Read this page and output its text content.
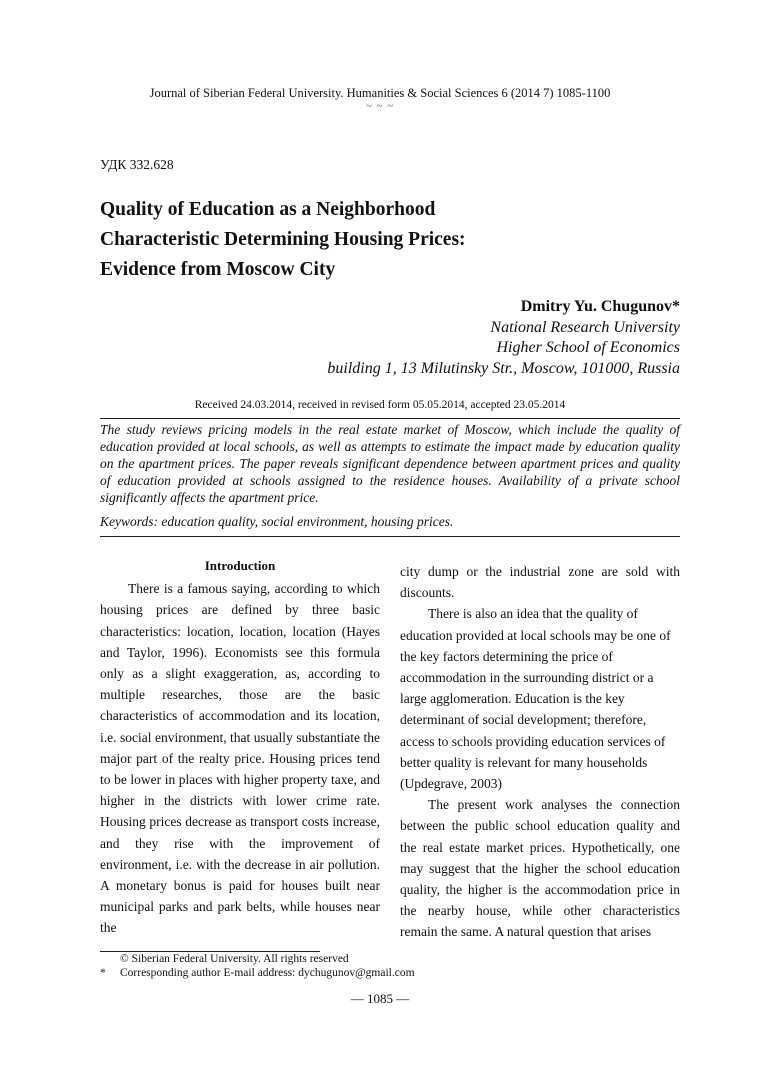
Journal of Siberian Federal University. Humanities & Social Sciences 6 (2014 7) 1085-1100
~ ~ ~
УДК 332.628
Quality of Education as a Neighborhood
Characteristic Determining Housing Prices:
Evidence from Moscow City
Dmitry Yu. Chugunov*
National Research University
Higher School of Economics
building 1, 13 Milutinsky Str., Moscow, 101000, Russia
Received 24.03.2014, received in revised form 05.05.2014, accepted 23.05.2014
The study reviews pricing models in the real estate market of Moscow, which include the quality of education provided at local schools, as well as attempts to estimate the impact made by education quality on the apartment prices. The paper reveals significant dependence between apartment prices and quality of education provided at schools assigned to the residence houses. Availability of a private school significantly affects the apartment price.
Keywords: education quality, social environment, housing prices.
Introduction

There is a famous saying, according to which housing prices are defined by three basic characteristics: location, location, location (Hayes and Taylor, 1996). Economists see this formula only as a slight exaggeration, as, according to multiple researches, those are the basic characteristics of accommodation and its location, i.e. social environment, that usually substantiate the major part of the realty price. Housing prices tend to be lower in places with higher property taxe, and higher in the districts with lower crime rate. Housing prices decrease as transport costs increase, and they rise with the improvement of environment, i.e. with the decrease in air pollution. A monetary bonus is paid for houses built near municipal parks and park belts, while houses near the

city dump or the industrial zone are sold with discounts.

There is also an idea that the quality of education provided at local schools may be one of the key factors determining the price of accommodation in the surrounding district or a large agglomeration. Education is the key determinant of social development; therefore, access to schools providing education services of better quality is relevant for many households (Updegrave, 2003)

The present work analyses the connection between the public school education quality and the real estate market prices. Hypothetically, one may suggest that the higher the school education quality, the higher is the accommodation price in the nearby house, while other characteristics remain the same. A natural question that arises

© Siberian Federal University. All rights reserved
* Corresponding author E-mail address: dychugunov@gmail.com
— 1085 —
